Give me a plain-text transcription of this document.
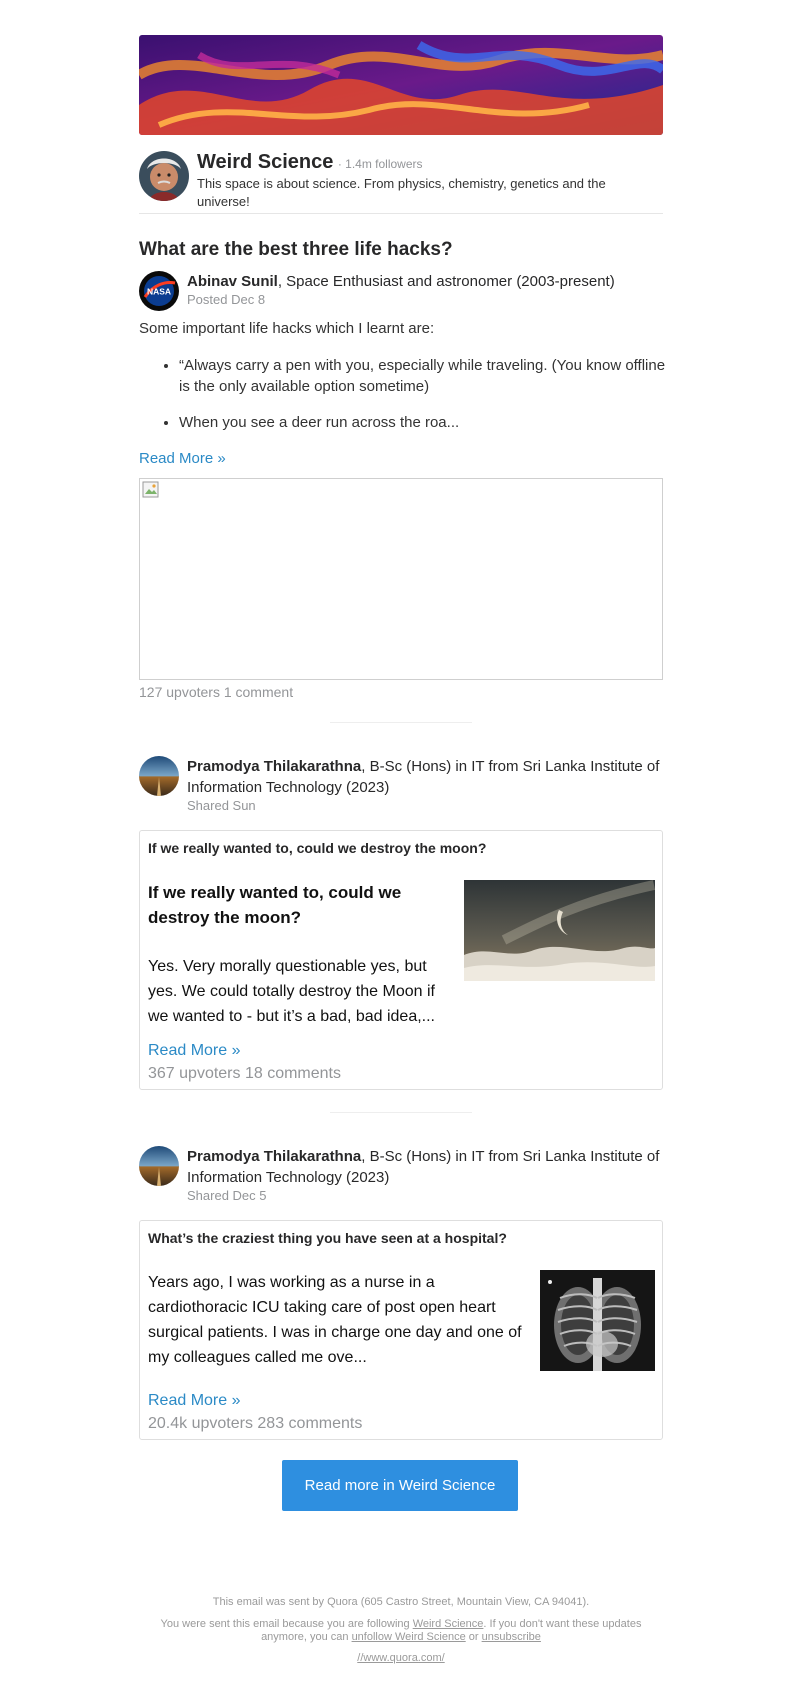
Weird Science · 1.4m followers
This space is about science. From physics, chemistry, genetics and the universe!
What are the best three life hacks?
NASA
Abinav Sunil, Space Enthusiast and astronomer (2003-present)
Posted Dec 8
Some important life hacks which I learnt are:
• “Always carry a pen with you, especially while traveling. (You know offline is the only available option sometime)
• When you see a deer run across the roa...
Read More »
127 upvoters 1 comment
Pramodya Thilakarathna, B-Sc (Hons) in IT from Sri Lanka Institute of Information Technology (2023)
Shared Sun
If we really wanted to, could we destroy the moon?
If we really wanted to, could we destroy the moon?
Yes. Very morally questionable yes, but yes. We could totally destroy the Moon if we wanted to - but it’s a bad, bad idea,...
Read More »
367 upvoters 18 comments
Pramodya Thilakarathna, B-Sc (Hons) in IT from Sri Lanka Institute of Information Technology (2023)
Shared Dec 5
What’s the craziest thing you have seen at a hospital?
Years ago, I was working as a nurse in a cardiothoracic ICU taking care of post open heart surgical patients. I was in charge one day and one of my colleagues called me ove...
Read More »
20.4k upvoters 283 comments
Read more in Weird Science
This email was sent by Quora (605 Castro Street, Mountain View, CA 94041).
You were sent this email because you are following Weird Science. If you don't want these updates anymore, you can unfollow Weird Science or unsubscribe
//www.quora.com/
